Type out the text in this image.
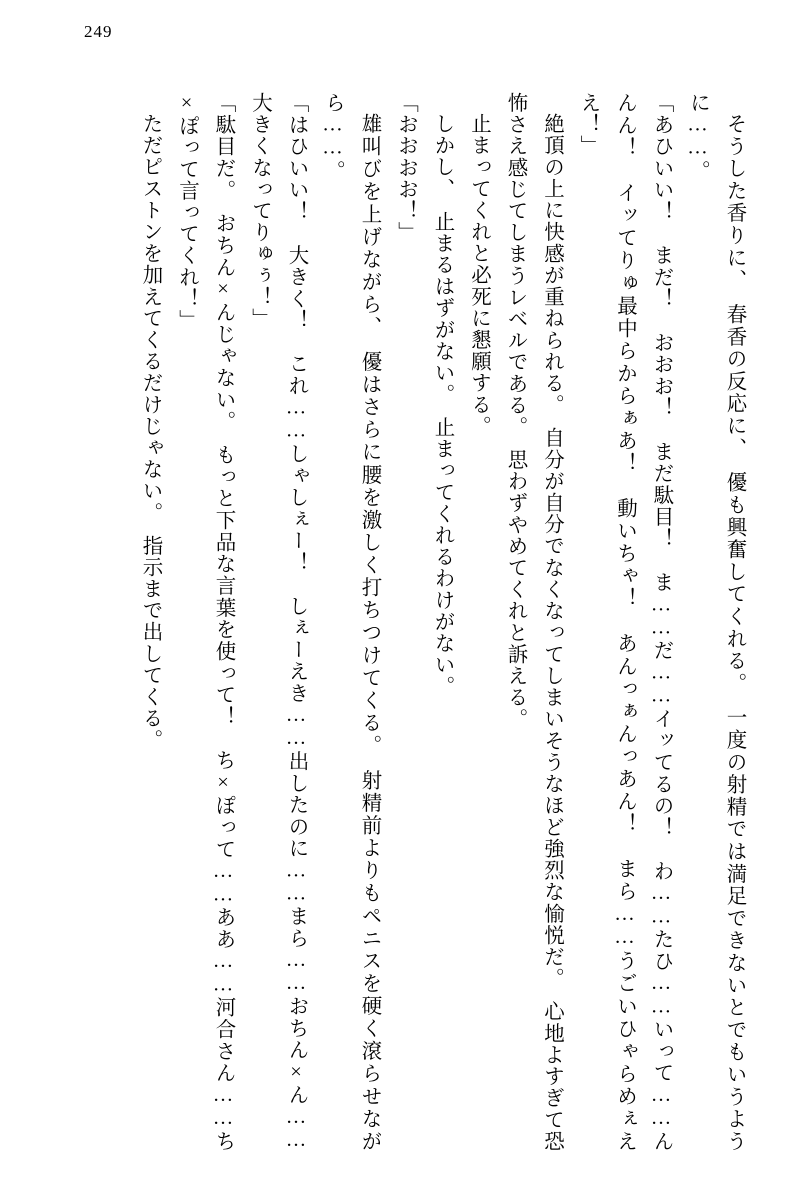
249

そうした香りに、　春香の反応に、　優も興奮してくれる。　一度の射精では満足できないとでもいうように……。

「あひいい！　まだ！　おおお！　まだ駄目！　ま……だ……イッてるの！　わ……たひ……いって……んんん！　イッてりゅ最中らからぁあ！　動いちゃ！　あんっぁんっあん！　まら……うごいひゃらめぇええ！」

絶頂の上に快感が重ねられる。　自分が自分でなくなってしまいそうなほど強烈な愉悦だ。　心地よすぎて恐怖さえ感じてしまうレベルである。　思わずやめてくれと訴える。

止まってくれと必死に懇願する。

しかし、　止まるはずがない。　止まってくれるわけがない。

「おおおお！」

雄叫びを上げながら、　優はさらに腰を激しく打ちつけてくる。　射精前よりもペニスを硬く滾らせながら……。

「はひいい！　大きく！　これ……しゃしぇー！　しぇーえき……出したのに……まら……おちん×ん……大きくなってりゅぅ！」

「駄目だ。　おちん×んじゃない。　もっと下品な言葉を使って！　ち×ぽって……ああ……河合さん……ち×ぽって言ってくれ！」

ただピストンを加えてくるだけじゃない。　指示まで出してくる。
